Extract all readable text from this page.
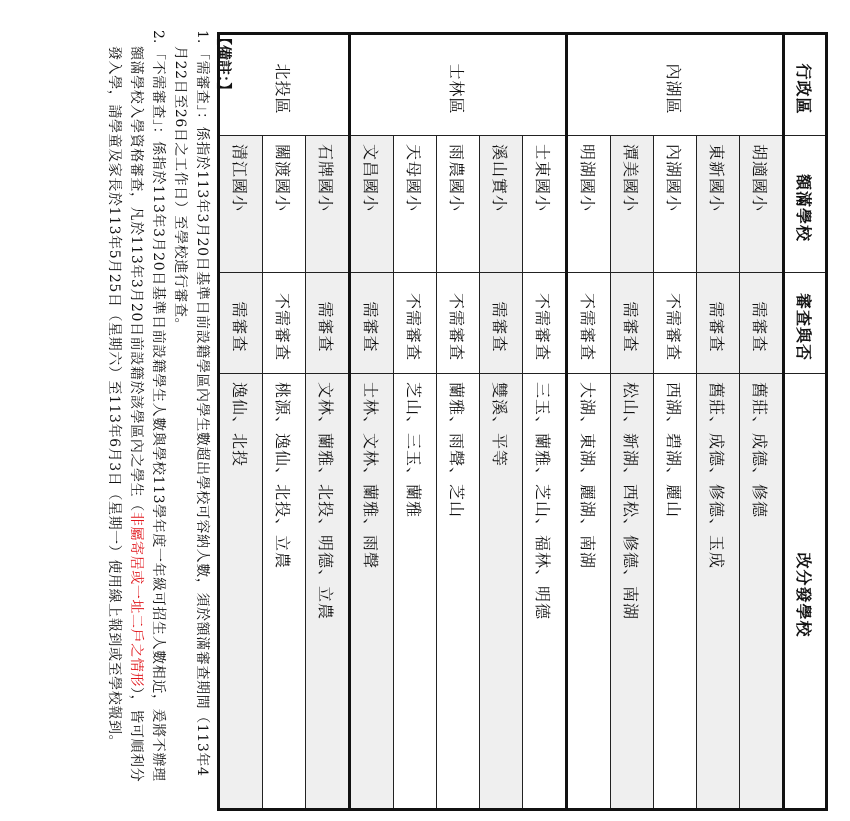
行政區	額滿學校	審查與否	改分發學校
內湖區	胡適國小	需審查	舊莊、成德、修德
	東新國小	需審查	舊莊、成德、修德、玉成
	內湖國小	不需審查	西湖、碧湖、麗山
	潭美國小	需審查	松山、新湖、西松、修德、南湖
	明湖國小	不需審查	大湖、東湖、麗湖、南湖
士林區	士東國小	不需審查	三玉、蘭雅、芝山、福林、明德
	溪山實小	需審查	雙溪、平等
	雨農國小	不需審查	蘭雅、雨聲、芝山
	天母國小	不需審查	芝山、三玉、蘭雅
	文昌國小	需審查	士林、文林、蘭雅、雨聲
北投區	石牌國小	需審查	文林、蘭雅、北投、明德、立農
	關渡國小	不需審查	桃源、逸仙、北投、立農
	清江國小	需審查	逸仙、北投
【備註：】
1.
「需審查」：係指於113年3月20日基準日前設籍學區內學生數超出學校可容納人數，須於額滿審查期間（113年4月22日至26日之工作日）至學校進行審查。
2.
「不需審查」：係指於113年3月20日基準日前設籍學生人數與學校113學年度一年級可招生人數相近，爰將不辦理額滿學校入學資格審查，凡於113年3月20日前設籍於該學區內之學生（非屬寄居或一址二戶之情形），皆可順利分發入學，請學童及家長於113年5月25日（星期六）至113年6月3日（星期一）使用線上報到或至學校報到。
